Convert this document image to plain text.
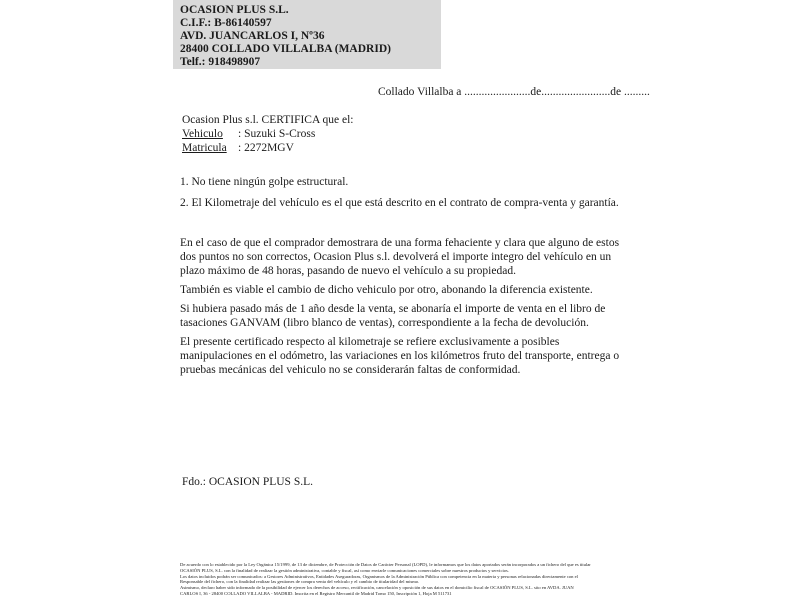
OCASION PLUS S.L.
C.I.F.: B-86140597
AVD. JUANCARLOS I, Nº36
28400 COLLADO VILLALBA (MADRID)
Telf.: 918498907
Collado Villalba a .......................de........................de .........
Ocasion Plus s.l. CERTIFICA que el:
Vehiculo : Suzuki S-Cross
Matricula : 2272MGV
1. No tiene ningún golpe estructural.
2. El Kilometraje del vehículo es el que está descrito en el contrato de compra-venta y garantía.
En el caso de que el comprador demostrara de una forma fehaciente y clara que alguno de estos dos puntos no son correctos, Ocasion Plus s.l. devolverá el importe integro del vehículo en un plazo máximo de 48 horas, pasando de nuevo el vehículo a su propiedad.
También es viable el cambio de dicho vehiculo por otro, abonando la diferencia existente.
Si hubiera pasado más de 1 año desde la venta, se abonaría el importe de venta en el libro de tasaciones GANVAM (libro blanco de ventas), correspondiente a la fecha de devolución.
El presente certificado respecto al kilometraje se refiere exclusivamente a posibles manipulaciones en el odómetro, las variaciones en los kilómetros fruto del transporte, entrega o pruebas mecánicas del vehiculo no se considerarán faltas de conformidad.
Fdo.: OCASION PLUS S.L.
De acuerdo con lo establecido por la Ley Orgánica 15/1999, de 13 de diciembre, de Protección de Datos de Carácter Personal (LOPD), le informamos que los datos aportados serán incorporados a un fichero del que es titular
OCASIÓN PLUS, S.L. con la finalidad de realizar la gestión administrativa, contable y fiscal, así como enviarle comunicaciones comerciales sobre nuestros productos y servicios.
Los datos incluidos podrán ser comunicados: a Gestores Administrativos, Entidades Aseguradoras, Organismos de la Administración Pública con competencia en la materia y personas relacionadas directamente con el
Responsable del fichero, con la finalidad realizar las gestiones de compra venta del vehículo y el cambio de titularidad del mismo.
Asimismo, declaro haber sido informado de la posibilidad de ejercer los derechos de acceso, rectificación, cancelación y oposición de sus datos en el domicilio fiscal de OCASIÓN PLUS, S.L. sito en AVDA. JUAN
CARLOS I, 36 - 28400 COLLADO VILLALBA - MADRID. Inscrita en el Registro Mercantil de Madrid Tomo 150, Inscripción 1, Hoja M 511731
